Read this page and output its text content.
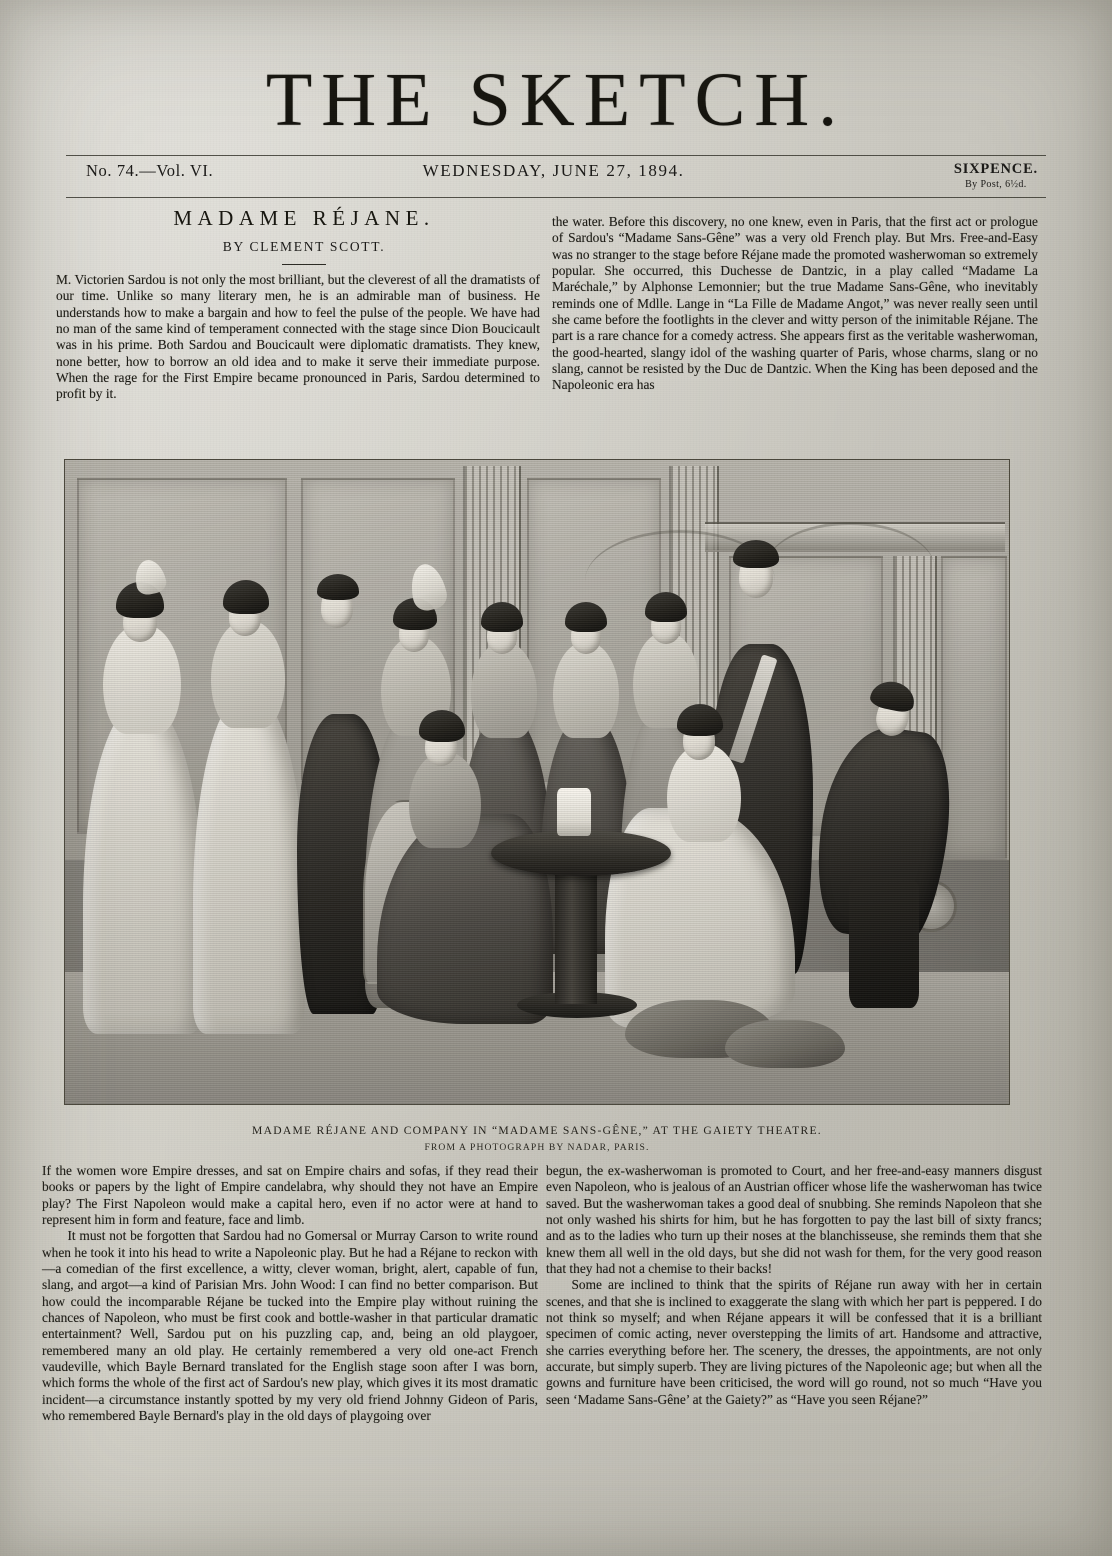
THE SKETCH.
No. 74.—Vol. VI.	WEDNESDAY, JUNE 27, 1894.	SIXPENCE.
By Post, 6½d.
MADAME RÉJANE.
BY CLEMENT SCOTT.

M. Victorien Sardou is not only the most brilliant, but the cleverest of all the dramatists of our time. Unlike so many literary men, he is an admirable man of business. He understands how to make a bargain and how to feel the pulse of the people. We have had no man of the same kind of temperament connected with the stage since Dion Boucicault was in his prime. Both Sardou and Boucicault were diplomatic dramatists. They knew, none better, how to borrow an old idea and to make it serve their immediate purpose. When the rage for the First Empire became pronounced in Paris, Sardou determined to profit by it.

the water. Before this discovery, no one knew, even in Paris, that the first act or prologue of Sardou's “Madame Sans-Gêne” was a very old French play. But Mrs. Free-and-Easy was no stranger to the stage before Réjane made the promoted washerwoman so extremely popular. She occurred, this Duchesse de Dantzic, in a play called “Madame La Maréchale,” by Alphonse Lemonnier; but the true Madame Sans-Gêne, who inevitably reminds one of Mdlle. Lange in “La Fille de Madame Angot,” was never really seen until she came before the footlights in the clever and witty person of the inimitable Réjane. The part is a rare chance for a comedy actress. She appears first as the veritable washerwoman, the good-hearted, slangy idol of the washing quarter of Paris, whose charms, slang or no slang, cannot be resisted by the Duc de Dantzic. When the King has been deposed and the Napoleonic era has

MADAME RÉJANE AND COMPANY IN “MADAME SANS-GÊNE,” AT THE GAIETY THEATRE.
FROM A PHOTOGRAPH BY NADAR, PARIS.

If the women wore Empire dresses, and sat on Empire chairs and sofas, if they read their books or papers by the light of Empire candelabra, why should they not have an Empire play? The First Napoleon would make a capital hero, even if no actor were at hand to represent him in form and feature, face and limb.

It must not be forgotten that Sardou had no Gomersal or Murray Carson to write round when he took it into his head to write a Napoleonic play. But he had a Réjane to reckon with—a comedian of the first excellence, a witty, clever woman, bright, alert, capable of fun, slang, and argot—a kind of Parisian Mrs. John Wood: I can find no better comparison. But how could the incomparable Réjane be tucked into the Empire play without ruining the chances of Napoleon, who must be first cook and bottle-washer in that particular dramatic entertainment? Well, Sardou put on his puzzling cap, and, being an old playgoer, remembered many an old play. He certainly remembered a very old one-act French vaudeville, which Bayle Bernard translated for the English stage soon after I was born, which forms the whole of the first act of Sardou's new play, which gives it its most dramatic incident—a circumstance instantly spotted by my very old friend Johnny Gideon of Paris, who remembered Bayle Bernard's play in the old days of playgoing over

begun, the ex-washerwoman is promoted to Court, and her free-and-easy manners disgust even Napoleon, who is jealous of an Austrian officer whose life the washerwoman has twice saved. But the washerwoman takes a good deal of snubbing. She reminds Napoleon that she not only washed his shirts for him, but he has forgotten to pay the last bill of sixty francs; and as to the ladies who turn up their noses at the blanchisseuse, she reminds them that she knew them all well in the old days, but she did not wash for them, for the very good reason that they had not a chemise to their backs!

Some are inclined to think that the spirits of Réjane run away with her in certain scenes, and that she is inclined to exaggerate the slang with which her part is peppered. I do not think so myself; and when Réjane appears it will be confessed that it is a brilliant specimen of comic acting, never overstepping the limits of art. Handsome and attractive, she carries everything before her. The scenery, the dresses, the appointments, are not only accurate, but simply superb. They are living pictures of the Napoleonic age; but when all the gowns and furniture have been criticised, the word will go round, not so much “Have you seen ‘Madame Sans-Gêne’ at the Gaiety?” as “Have you seen Réjane?”
